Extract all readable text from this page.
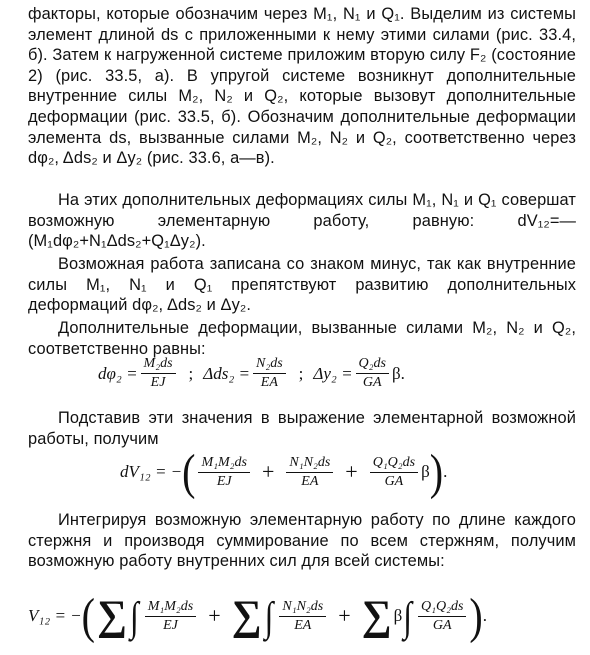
факторы, которые обозначим через M₁, N₁ и Q₁. Выделим из системы элемент длиной ds с приложенными к нему этими силами (рис. 33.4, б). Затем к нагруженной системе приложим вторую силу F₂ (состояние 2) (рис. 33.5, а). В упругой системе возникнут дополнительные внутренние силы M₂, N₂ и Q₂, которые вызовут дополнительные деформации (рис. 33.5, б). Обозначим дополнительные деформации элемента ds, вызванные силами M₂, N₂ и Q₂, соответственно через dφ₂, Δds₂ и Δy₂ (рис. 33.6, а—в).
На этих дополнительных деформациях силы M₁, N₁ и Q₁ совершат возможную элементарную работу, равную: dV₁₂=—(M₁dφ₂+N₁Δds₂+Q₁Δy₂).
Возможная работа записана со знаком минус, так как внутренние силы M₁, N₁ и Q₁ препятствуют развитию дополнительных деформаций dφ₂, Δds₂ и Δy₂.
Дополнительные деформации, вызванные силами M₂, N₂ и Q₂, соответственно равны:
$d\varphi_2 = \frac{\text{M₂ds}}{EJ}$ ; $\Delta ds_2 = \frac{\text{N₂ds}}{EA}$ ; $\Delta y_2 = \frac{\text{Q₂ds}}{GA} \beta$.
Подставив эти значения в выражение элементарной возможной работы, получим
dV₁₂ = − ( $\frac{\text{M₁M₂ds}}{EJ} + \frac{\text{N₁N₂ds}}{EA} + \frac{\text{Q₁Q₂ds}}{GA}$ β ) .
Интегрируя возможную элементарную работу по длине каждого стержня и производя суммирование по всем стержням, получим возможную работу внутренних сил для всей системы:
V₁₂ = − ( ∑ ∫ $\frac{\text{M₁M₂ds}}{EJ}$ + ∑ ∫ $\frac{\text{N₁N₂ds}}{EA}$ + ∑ β ∫ $\frac{\text{Q₁Q₂ds}}{GA}$ ) .
